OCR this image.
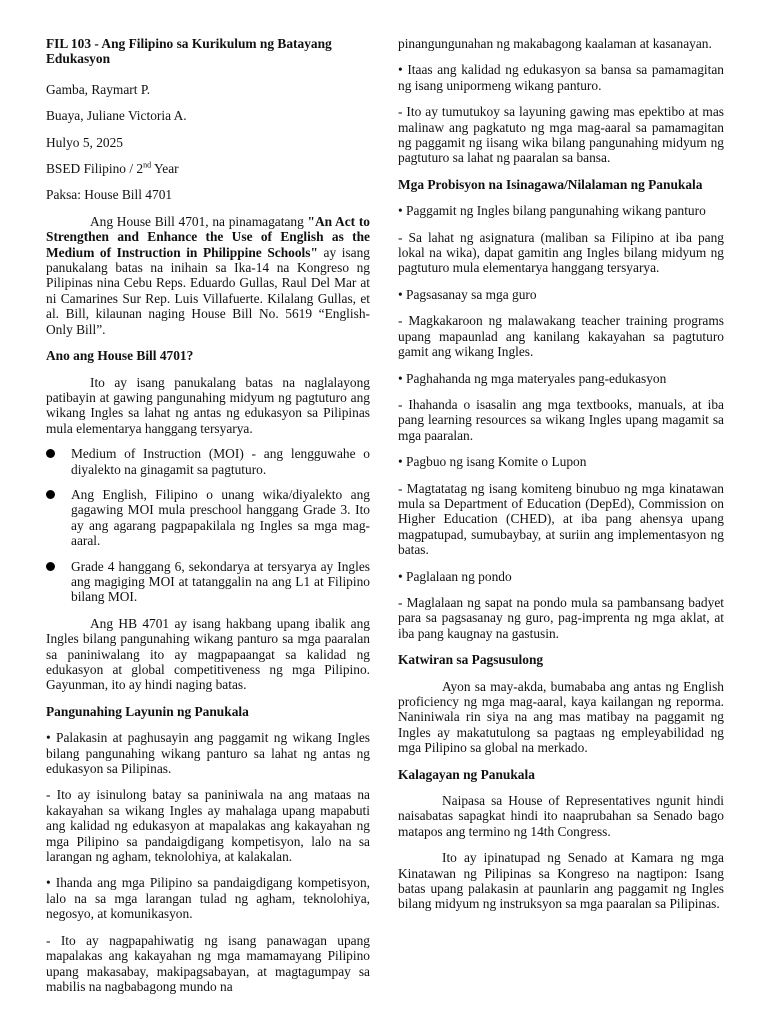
FIL 103 - Ang Filipino sa Kurikulum ng Batayang Edukasyon

Gamba, Raymart P.

Buaya, Juliane Victoria A.

Hulyo 5, 2025

BSED Filipino / 2nd Year

Paksa: House Bill 4701

Ang House Bill 4701, na pinamagatang "An Act to Strengthen and Enhance the Use of English as the Medium of Instruction in Philippine Schools" ay isang panukalang batas na inihain sa Ika-14 na Kongreso ng Pilipinas nina Cebu Reps. Eduardo Gullas, Raul Del Mar at ni Camarines Sur Rep. Luis Villafuerte. Kilalang Gullas, et al. Bill, kilaunan naging House Bill No. 5619 “English-Only Bill”.

Ano ang House Bill 4701?

Ito ay isang panukalang batas na naglalayong patibayin at gawing pangunahing midyum ng pagtuturo ang wikang Ingles sa lahat ng antas ng edukasyon sa Pilipinas mula elementarya hanggang tersyarya.

Medium of Instruction (MOI) - ang lengguwahe o diyalekto na ginagamit sa pagtuturo.
Ang English, Filipino o unang wika/diyalekto ang gagawing MOI mula preschool hanggang Grade 3. Ito ay ang agarang pagpapakilala ng Ingles sa mga mag-aaral.
Grade 4 hanggang 6, sekondarya at tersyarya ay Ingles ang magiging MOI at tatanggalin na ang L1 at Filipino bilang MOI.

Ang HB 4701 ay isang hakbang upang ibalik ang Ingles bilang pangunahing wikang panturo sa mga paaralan sa paniniwalang ito ay magpapaangat sa kalidad ng edukasyon at global competitiveness ng mga Pilipino. Gayunman, ito ay hindi naging batas.

Pangunahing Layunin ng Panukala

• Palakasin at paghusayin ang paggamit ng wikang Ingles bilang pangunahing wikang panturo sa lahat ng antas ng edukasyon sa Pilipinas.

- Ito ay isinulong batay sa paniniwala na ang mataas na kakayahan sa wikang Ingles ay mahalaga upang mapabuti ang kalidad ng edukasyon at mapalakas ang kakayahan ng mga Pilipino sa pandaigdigang kompetisyon, lalo na sa larangan ng agham, teknolohiya, at kalakalan.

• Ihanda ang mga Pilipino sa pandaigdigang kompetisyon, lalo na sa mga larangan tulad ng agham, teknolohiya, negosyo, at komunikasyon.

- Ito ay nagpapahiwatig ng isang panawagan upang mapalakas ang kakayahan ng mga mamamayang Pilipino upang makasabay, makipagsabayan, at magtagumpay sa mabilis na nagbabagong mundo na

pinangungunahan ng makabagong kaalaman at kasanayan.

• Itaas ang kalidad ng edukasyon sa bansa sa pamamagitan ng isang unipormeng wikang panturo.

- Ito ay tumutukoy sa layuning gawing mas epektibo at mas malinaw ang pagkatuto ng mga mag-aaral sa pamamagitan ng paggamit ng iisang wika bilang pangunahing midyum ng pagtuturo sa lahat ng paaralan sa bansa.

Mga Probisyon na Isinagawa/Nilalaman ng Panukala

• Paggamit ng Ingles bilang pangunahing wikang panturo

- Sa lahat ng asignatura (maliban sa Filipino at iba pang lokal na wika), dapat gamitin ang Ingles bilang midyum ng pagtuturo mula elementarya hanggang tersyarya.

• Pagsasanay sa mga guro

- Magkakaroon ng malawakang teacher training programs upang mapaunlad ang kanilang kakayahan sa pagtuturo gamit ang wikang Ingles.

• Paghahanda ng mga materyales pang-edukasyon

- Ihahanda o isasalin ang mga textbooks, manuals, at iba pang learning resources sa wikang Ingles upang magamit sa mga paaralan.

• Pagbuo ng isang Komite o Lupon

- Magtatatag ng isang komiteng binubuo ng mga kinatawan mula sa Department of Education (DepEd), Commission on Higher Education (CHED), at iba pang ahensya upang magpatupad, sumubaybay, at suriin ang implementasyon ng batas.

• Paglalaan ng pondo

- Maglalaan ng sapat na pondo mula sa pambansang badyet para sa pagsasanay ng guro, pag-imprenta ng mga aklat, at iba pang kaugnay na gastusin.

Katwiran sa Pagsusulong

Ayon sa may-akda, bumababa ang antas ng English proficiency ng mga mag-aaral, kaya kailangan ng reporma. Naniniwala rin siya na ang mas matibay na paggamit ng Ingles ay makatutulong sa pagtaas ng empleyabilidad ng mga Pilipino sa global na merkado.

Kalagayan ng Panukala

Naipasa sa House of Representatives ngunit hindi naisabatas sapagkat hindi ito naaprubahan sa Senado bago matapos ang termino ng 14th Congress.

Ito ay ipinatupad ng Senado at Kamara ng mga Kinatawan ng Pilipinas sa Kongreso na nagtipon: Isang batas upang palakasin at paunlarin ang paggamit ng Ingles bilang midyum ng instruksyon sa mga paaralan sa Pilipinas.
